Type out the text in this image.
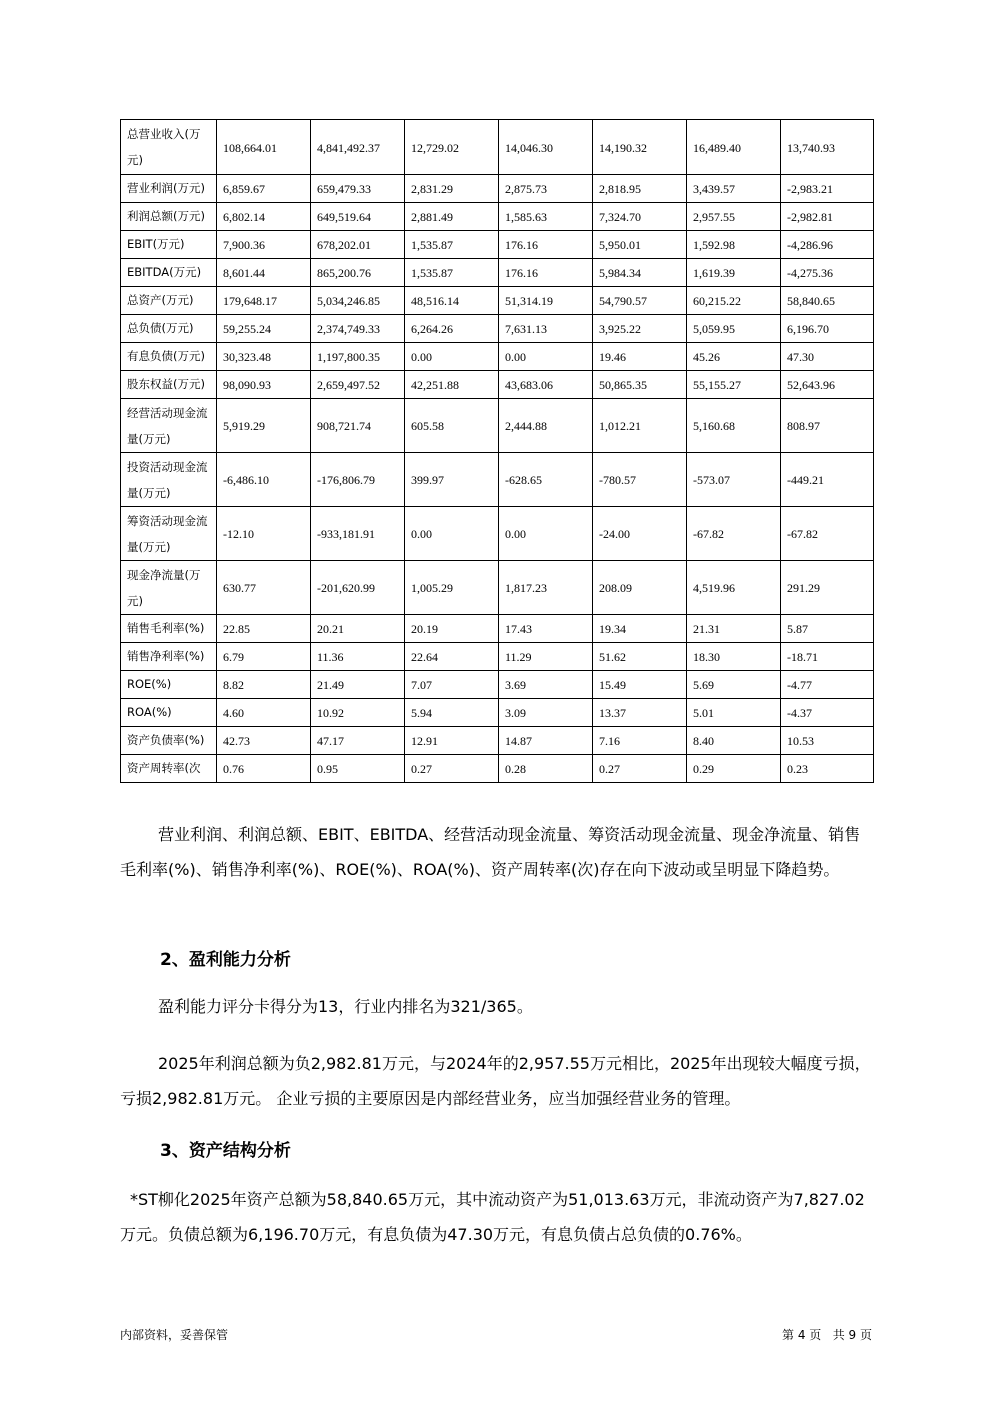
总营业收入(万元)	108,664.01	4,841,492.37	12,729.02	14,046.30	14,190.32	16,489.40	13,740.93
营业利润(万元)	6,859.67	659,479.33	2,831.29	2,875.73	2,818.95	3,439.57	-2,983.21
利润总额(万元)	6,802.14	649,519.64	2,881.49	1,585.63	7,324.70	2,957.55	-2,982.81
EBIT(万元)	7,900.36	678,202.01	1,535.87	176.16	5,950.01	1,592.98	-4,286.96
EBITDA(万元)	8,601.44	865,200.76	1,535.87	176.16	5,984.34	1,619.39	-4,275.36
总资产(万元)	179,648.17	5,034,246.85	48,516.14	51,314.19	54,790.57	60,215.22	58,840.65
总负债(万元)	59,255.24	2,374,749.33	6,264.26	7,631.13	3,925.22	5,059.95	6,196.70
有息负债(万元)	30,323.48	1,197,800.35	0.00	0.00	19.46	45.26	47.30
股东权益(万元)	98,090.93	2,659,497.52	42,251.88	43,683.06	50,865.35	55,155.27	52,643.96
经营活动现金流量(万元)	5,919.29	908,721.74	605.58	2,444.88	1,012.21	5,160.68	808.97
投资活动现金流量(万元)	-6,486.10	-176,806.79	399.97	-628.65	-780.57	-573.07	-449.21
筹资活动现金流量(万元)	-12.10	-933,181.91	0.00	0.00	-24.00	-67.82	-67.82
现金净流量(万元)	630.77	-201,620.99	1,005.29	1,817.23	208.09	4,519.96	291.29
销售毛利率(%)	22.85	20.21	20.19	17.43	19.34	21.31	5.87
销售净利率(%)	6.79	11.36	22.64	11.29	51.62	18.30	-18.71
ROE(%)	8.82	21.49	7.07	3.69	15.49	5.69	-4.77
ROA(%)	4.60	10.92	5.94	3.09	13.37	5.01	-4.37
资产负债率(%)	42.73	47.17	12.91	14.87	7.16	8.40	10.53
资产周转率(次	0.76	0.95	0.27	0.28	0.27	0.29	0.23

营业利润、利润总额、EBIT、EBITDA、经营活动现金流量、筹资活动现金流量、现金净流量、销售毛利率(%)、销售净利率(%)、ROE(%)、ROA(%)、资产周转率(次)存在向下波动或呈明显下降趋势。

2、盈利能力分析

盈利能力评分卡得分为13，行业内排名为321/365。

2025年利润总额为负2,982.81万元，与2024年的2,957.55万元相比，2025年出现较大幅度亏损，亏损2,982.81万元。 企业亏损的主要原因是内部经营业务，应当加强经营业务的管理。

3、资产结构分析

*ST柳化2025年资产总额为58,840.65万元，其中流动资产为51,013.63万元，非流动资产为7,827.02万元。负债总额为6,196.70万元，有息负债为47.30万元，有息负债占总负债的0.76%。

内部资料，妥善保管	第 4 页   共 9 页
